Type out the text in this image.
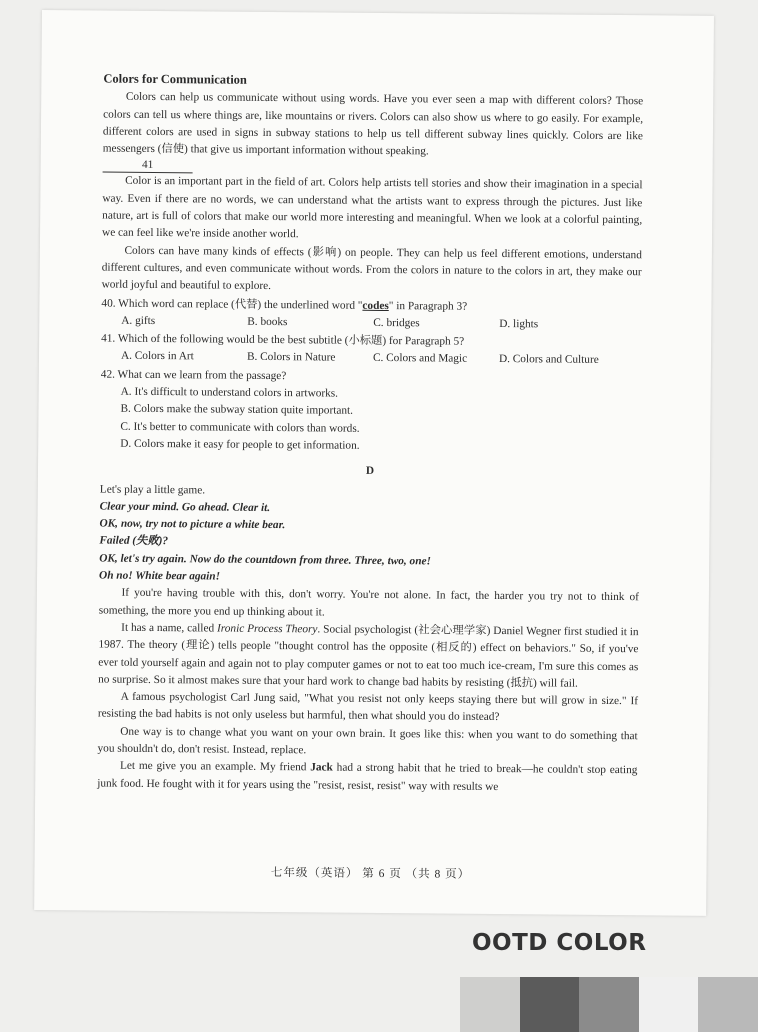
Colors for Communication

Colors can help us communicate without using words. Have you ever seen a map with different colors? Those colors can tell us where things are, like mountains or rivers. Colors can also show us where to go easily. For example, different colors are used in signs in subway stations to help us tell different subway lines quickly. Colors are like messengers (信使) that give us important information without speaking.

41

Color is an important part in the field of art. Colors help artists tell stories and show their imagination in a special way. Even if there are no words, we can understand what the artists want to express through the pictures. Just like nature, art is full of colors that make our world more interesting and meaningful. When we look at a colorful painting, we can feel like we're inside another world.

Colors can have many kinds of effects (影响) on people. They can help us feel different emotions, understand different cultures, and even communicate without words. From the colors in nature to the colors in art, they make our world joyful and beautiful to explore.

40. Which word can replace (代替) the underlined word "codes" in Paragraph 3?
A. gifts	B. books	C. bridges	D. lights
41. Which of the following would be the best subtitle (小标题) for Paragraph 5?
A. Colors in Art	B. Colors in Nature	C. Colors and Magic	D. Colors and Culture
42. What can we learn from the passage?
A. It's difficult to understand colors in artworks.
B. Colors make the subway station quite important.
C. It's better to communicate with colors than words.
D. Colors make it easy for people to get information.
D

Let's play a little game.

Clear your mind. Go ahead. Clear it.

OK, now, try not to picture a white bear.

Failed (失败)?

OK, let's try again. Now do the countdown from three. Three, two, one!

Oh no! White bear again!

If you're having trouble with this, don't worry. You're not alone. In fact, the harder you try not to think of something, the more you end up thinking about it.

It has a name, called Ironic Process Theory. Social psychologist (社会心理学家) Daniel Wegner first studied it in 1987. The theory (理论) tells people "thought control has the opposite (相反的) effect on behaviors." So, if you've ever told yourself again and again not to play computer games or not to eat too much ice-cream, I'm sure this comes as no surprise. So it almost makes sure that your hard work to change bad habits by resisting (抵抗) will fail.

A famous psychologist Carl Jung said, "What you resist not only keeps staying there but will grow in size." If resisting the bad habits is not only useless but harmful, then what should you do instead?

One way is to change what you want on your own brain. It goes like this: when you want to do something that you shouldn't do, don't resist. Instead, replace.

Let me give you an example. My friend Jack had a strong habit that he tried to break—he couldn't stop eating junk food. He fought with it for years using the "resist, resist, resist" way with results we

七年级（英语） 第 6 页 （共 8 页）
OOTD COLOR
